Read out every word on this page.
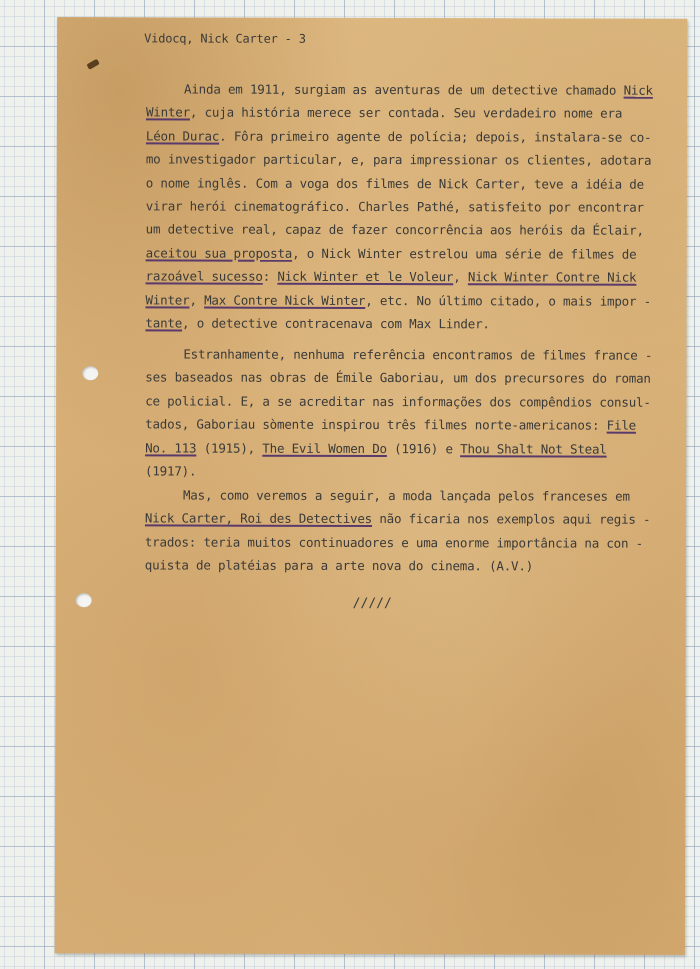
Vidocq, Nick Carter - 3

Ainda em 1911, surgiam as aventuras de um detective chamado Nick
Winter, cuja história merece ser contada. Seu verdadeiro nome era
Léon Durac. Fôra primeiro agente de polícia; depois, instalara-se co-
mo investigador particular, e, para impressionar os clientes, adotara
o nome inglês. Com a voga dos filmes de Nick Carter, teve a idéia de
virar herói cinematográfico. Charles Pathé, satisfeito por encontrar
um detective real, capaz de fazer concorrência aos heróis da Éclair,
aceitou sua proposta, o Nick Winter estrelou uma série de filmes de
razoável sucesso: Nick Winter et le Voleur, Nick Winter Contre Nick
Winter, Max Contre Nick Winter, etc. No último citado, o mais impor -
tante, o detective contracenava com Max Linder.

Estranhamente, nenhuma referência encontramos de filmes france -
ses baseados nas obras de Émile Gaboriau, um dos precursores do roman
ce policial. E, a se acreditar nas informações dos compêndios consul-
tados, Gaboriau sòmente inspirou três filmes norte-americanos: File
No. 113 (1915), The Evil Women Do (1916) e Thou Shalt Not Steal
(1917).

Mas, como veremos a seguir, a moda lançada pelos franceses em
Nick Carter, Roi des Detectives não ficaria nos exemplos aqui regis -
trados: teria muitos continuadores e uma enorme importância na con -
quista de platéias para a arte nova do cinema. (A.V.)

/////
